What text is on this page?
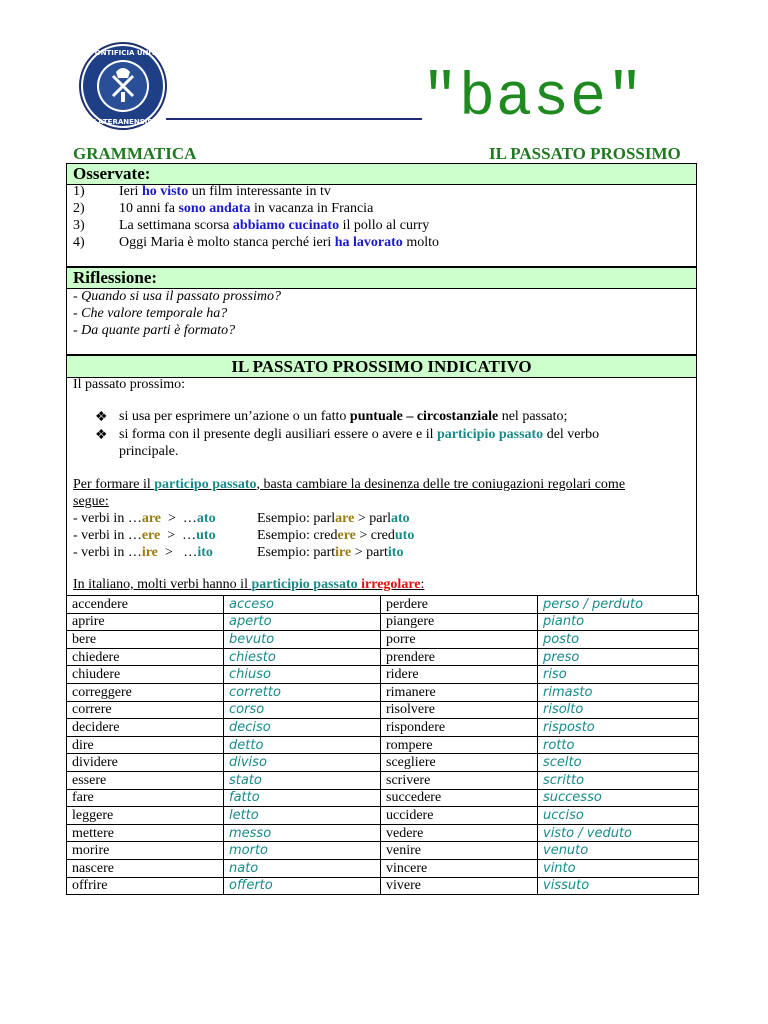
PONTIFICIA UNIV
LATERANENSIS	"base"
GRAMMATICA	IL PASSATO PROSSIMO
Osservate:
1) Ieri ho visto un film interessante in tv
2) 10 anni fa sono andata in vacanza in Francia
3) La settimana scorsa abbiamo cucinato il pollo al curry
4) Oggi Maria è molto stanca perché ieri ha lavorato molto
Riflessione:
- Quando si usa il passato prossimo?
- Che valore temporale ha?
- Da quante parti è formato?
IL PASSATO PROSSIMO INDICATIVO
Il passato prossimo:
❖ si usa per esprimere un’azione o un fatto puntuale – circostanziale nel passato;
❖ si forma con il presente degli ausiliari essere o avere e il participio passato del verbo
principale.
Per formare il participo passato, basta cambiare la desinenza delle tre coniugazioni regolari come
segue:
- verbi in …are  >  …ato	Esempio: parlare > parlato
- verbi in …ere  >  …uto	Esempio: credere > creduto
- verbi in …ire  >   …ito	Esempio: partire > partito
In italiano, molti verbi hanno il participio passato irregolare:
accendere	acceso	perdere	perso / perduto
aprire	aperto	piangere	pianto
bere	bevuto	porre	posto
chiedere	chiesto	prendere	preso
chiudere	chiuso	ridere	riso
correggere	corretto	rimanere	rimasto
correre	corso	risolvere	risolto
decidere	deciso	rispondere	risposto
dire	detto	rompere	rotto
dividere	diviso	scegliere	scelto
essere	stato	scrivere	scritto
fare	fatto	succedere	successo
leggere	letto	uccidere	ucciso
mettere	messo	vedere	visto / veduto
morire	morto	venire	venuto
nascere	nato	vincere	vinto
offrire	offerto	vivere	vissuto
